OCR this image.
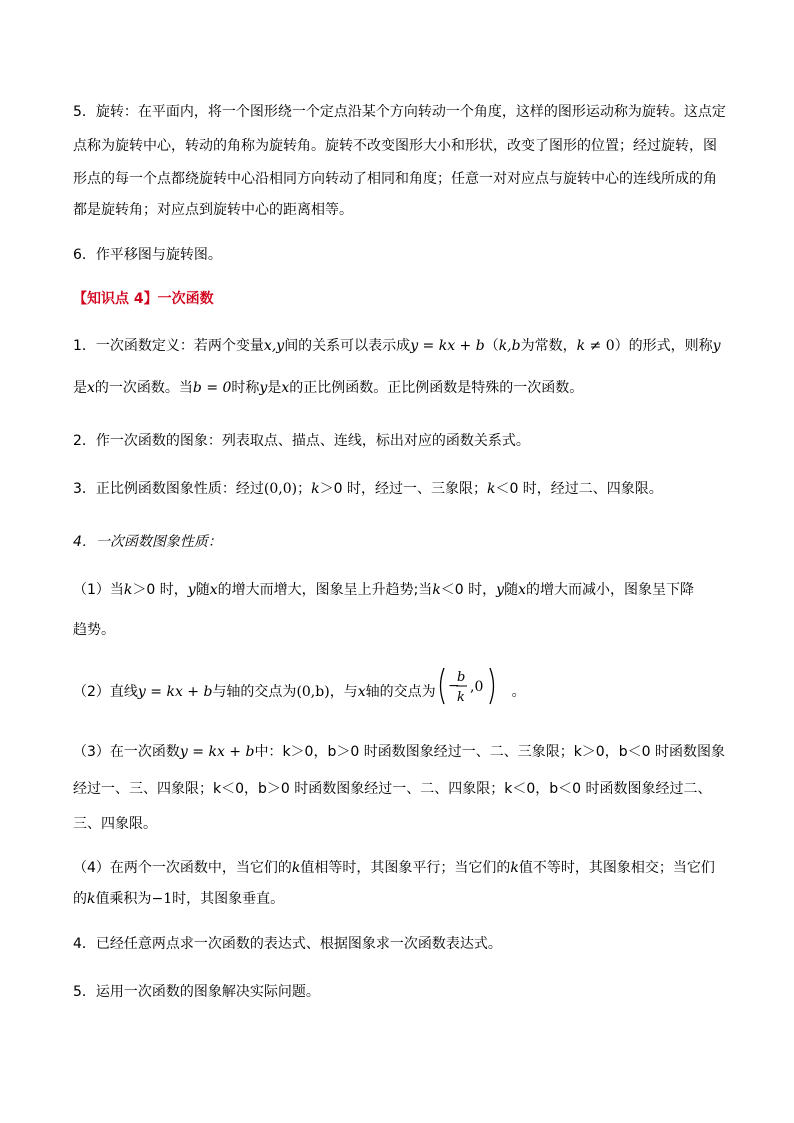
5．旋转：在平面内，将一个图形绕一个定点沿某个方向转动一个角度，这样的图形运动称为旋转。这点定
点称为旋转中心，转动的角称为旋转角。旋转不改变图形大小和形状，改变了图形的位置；经过旋转，图
形点的每一个点都绕旋转中心沿相同方向转动了相同和角度；任意一对对应点与旋转中心的连线所成的角
都是旋转角；对应点到旋转中心的距离相等。
6．作平移图与旋转图。
【知识点 4】一次函数
1．一次函数定义：若两个变量x,y间的关系可以表示成y = kx + b（k,b为常数，k ≠ 0）的形式，则称y
是x的一次函数。当b = 0时称y是x的正比例函数。正比例函数是特殊的一次函数。
2．作一次函数的图象：列表取点、描点、连线，标出对应的函数关系式。
3．正比例函数图象性质：经过(0,0)；k＞0 时，经过一、三象限；k＜0 时，经过二、四象限。
4．一次函数图象性质：
（1）当k＞0 时，y随x的增大而增大，图象呈上升趋势;当k＜0 时，y随x的增大而减小，图象呈下降
趋势。
（2）直线y = kx + b与轴的交点为(0,b)，与x轴的交点为 −
b
k
,0 。
（3）在一次函数y = kx + b中：k＞0，b＞0 时函数图象经过一、二、三象限；k＞0，b＜0 时函数图象
经过一、三、四象限；k＜0，b＞0 时函数图象经过一、二、四象限；k＜0，b＜0 时函数图象经过二、
三、四象限。
（4）在两个一次函数中，当它们的k值相等时，其图象平行；当它们的k值不等时，其图象相交；当它们
的k值乘积为−1时，其图象垂直。
4．已经任意两点求一次函数的表达式、根据图象求一次函数表达式。
5．运用一次函数的图象解决实际问题。
